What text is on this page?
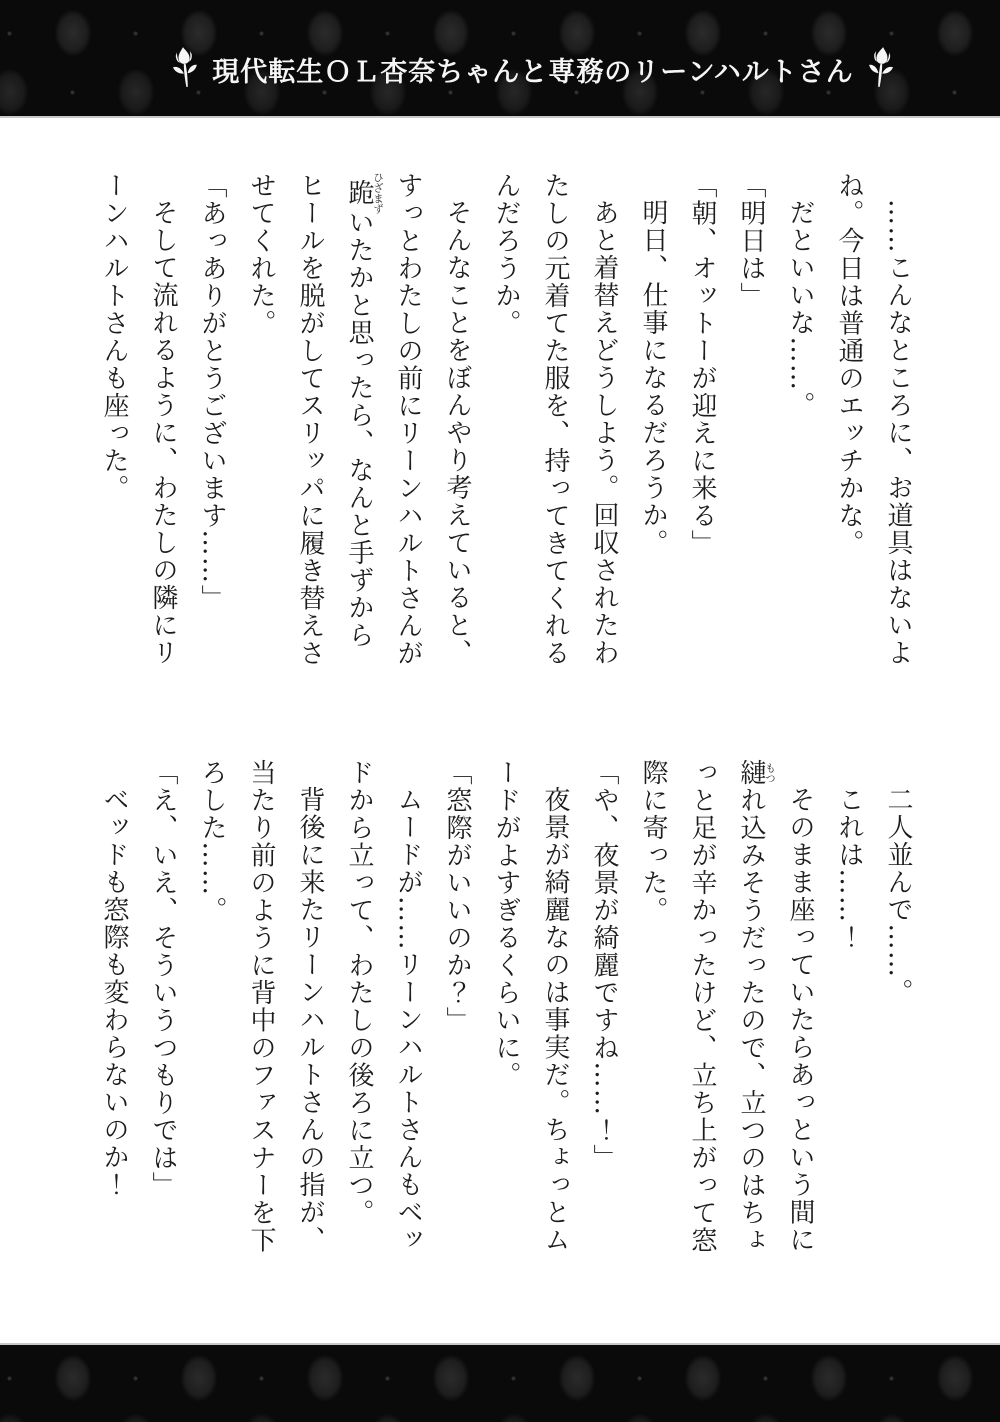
現代転生ＯＬ杏奈ちゃんと専務のリーンハルトさん

……こんなところに、お道具はないよね。今日は普通のエッチかな。

だといいな……。

「明日は」

「朝、オットーが迎えに来る」

明日、仕事になるだろうか。

あと着替えどうしよう。回収されたわたしの元着てた服を、持ってきてくれるんだろうか。

そんなことをぼんやり考えていると、すっとわたしの前にリーンハルトさんが跪ひざまずいたかと思ったら、なんと手ずからヒールを脱がしてスリッパに履き替えさせてくれた。

「あっありがとうございます……」

そして流れるように、わたしの隣にリーンハルトさんも座った。

二人並んで……。

これは……！

そのまま座っていたらあっという間に縺もつれ込みそうだったので、立つのはちょっと足が辛かったけど、立ち上がって窓際に寄った。

「や、夜景が綺麗ですね……！」

夜景が綺麗なのは事実だ。ちょっとムードがよすぎるくらいに。

「窓際がいいのか？」

ムードが……リーンハルトさんもベッドから立って、わたしの後ろに立つ。

背後に来たリーンハルトさんの指が、当たり前のように背中のファスナーを下ろした……。

「え、いえ、そういうつもりでは」

ベッドも窓際も変わらないのか！
